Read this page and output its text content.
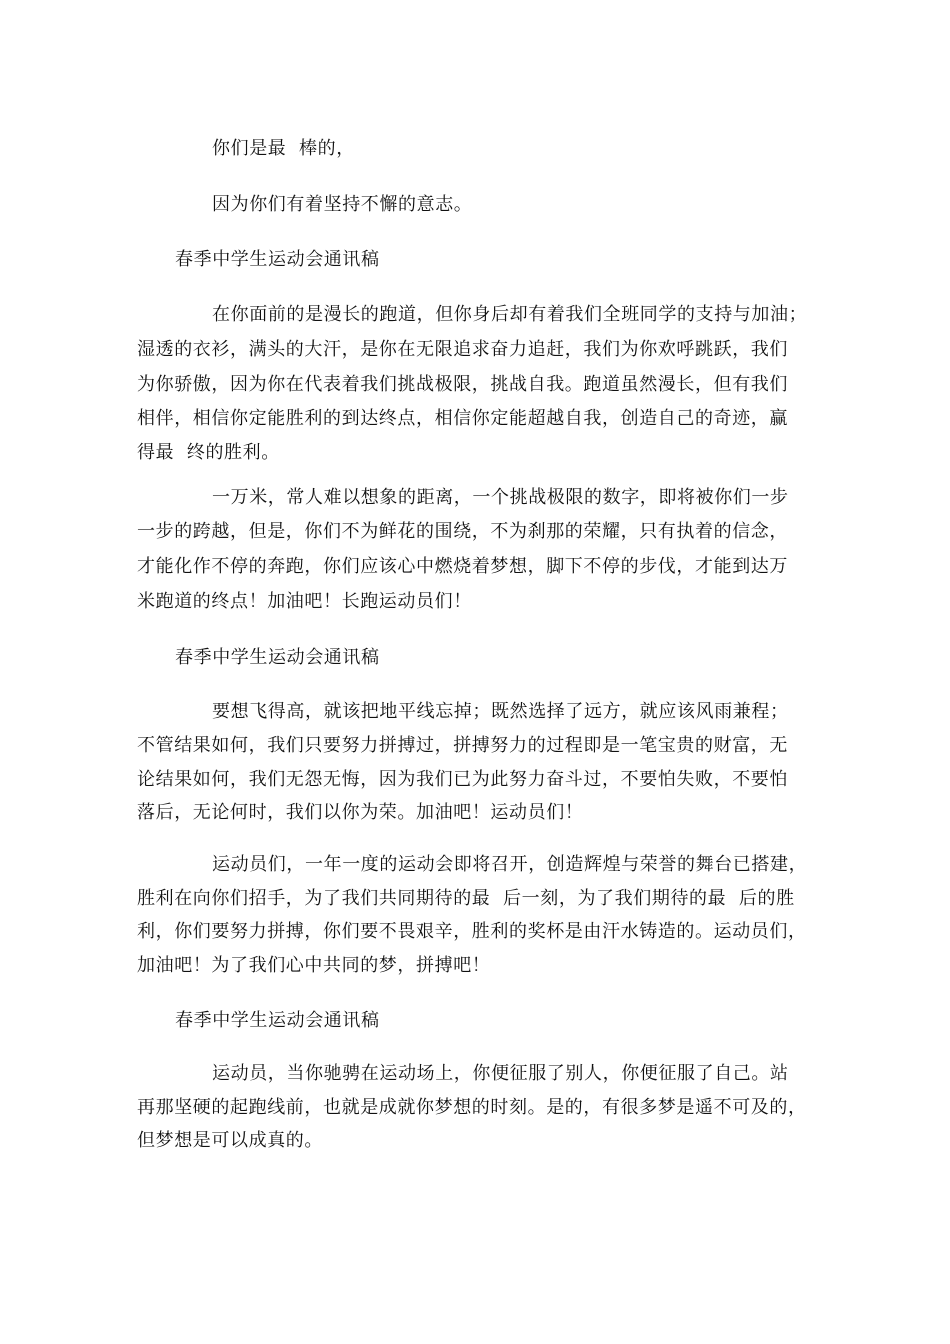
你们是最  棒的，

因为你们有着坚持不懈的意志。

春季中学生运动会通讯稿

在你面前的是漫长的跑道，但你身后却有着我们全班同学的支持与加油；

湿透的衣衫，满头的大汗，是你在无限追求奋力追赶，我们为你欢呼跳跃，我们

为你骄傲，因为你在代表着我们挑战极限，挑战自我。跑道虽然漫长，但有我们

相伴，相信你定能胜利的到达终点，相信你定能超越自我，创造自己的奇迹，赢

得最  终的胜利。

一万米，常人难以想象的距离，一个挑战极限的数字，即将被你们一步

一步的跨越，但是，你们不为鲜花的围绕，不为刹那的荣耀，只有执着的信念，

才能化作不停的奔跑，你们应该心中燃烧着梦想，脚下不停的步伐，才能到达万

米跑道的终点！加油吧！长跑运动员们！

春季中学生运动会通讯稿

要想飞得高，就该把地平线忘掉；既然选择了远方，就应该风雨兼程；

不管结果如何，我们只要努力拼搏过，拼搏努力的过程即是一笔宝贵的财富，无

论结果如何，我们无怨无悔，因为我们已为此努力奋斗过，不要怕失败，不要怕

落后，无论何时，我们以你为荣。加油吧！运动员们！

运动员们，一年一度的运动会即将召开，创造辉煌与荣誉的舞台已搭建，

胜利在向你们招手，为了我们共同期待的最  后一刻，为了我们期待的最  后的胜

利，你们要努力拼搏，你们要不畏艰辛，胜利的奖杯是由汗水铸造的。运动员们，

加油吧！为了我们心中共同的梦，拼搏吧！

春季中学生运动会通讯稿

运动员，当你驰骋在运动场上，你便征服了别人，你便征服了自己。站

再那坚硬的起跑线前，也就是成就你梦想的时刻。是的，有很多梦是遥不可及的，

但梦想是可以成真的。
